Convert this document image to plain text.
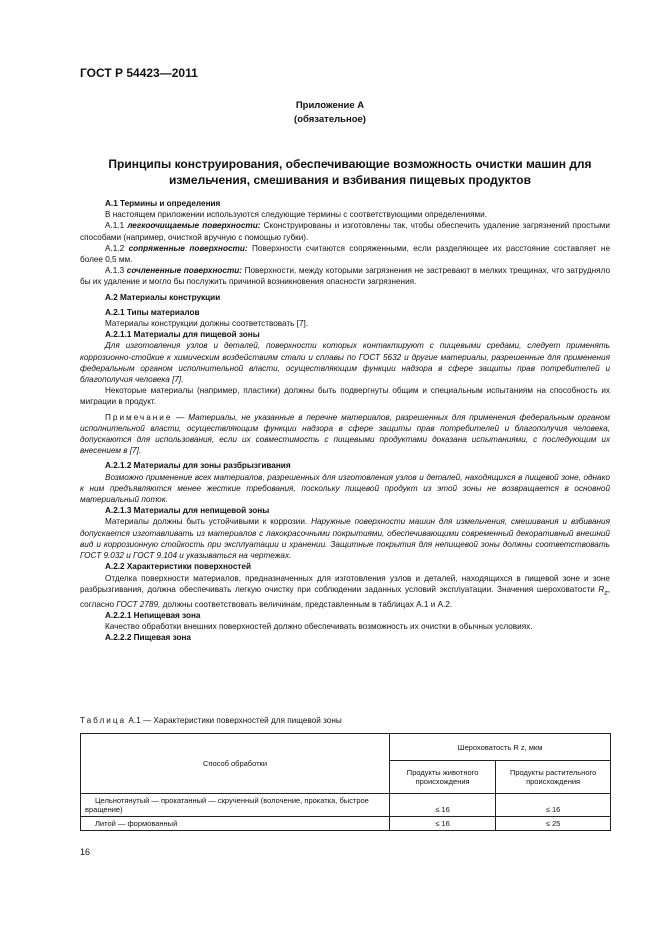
ГОСТ Р 54423—2011
Приложение А
(обязательное)
Принципы конструирования, обеспечивающие возможность очистки машин для измельчения, смешивания и взбивания пищевых продуктов

А.1 Термины и определения

В настоящем приложении используются следующие термины с соответствующими определениями.

А.1.1 легкоочищаемые поверхности: Сконструированы и изготовлены так, чтобы обеспечить удаление загрязнений простыми способами (например, очисткой вручную с помощью губки).

А.1.2 сопряженные поверхности: Поверхности считаются сопряженными, если разделяющее их расстояние составляет не более 0,5 мм.

А.1.3 сочлененные поверхности: Поверхности, между которыми загрязнения не застревают в мелких трещинах, что затрудняло бы их удаление и могло бы послужить причиной возникновения опасности загрязнения.

А.2 Материалы конструкции

А.2.1 Типы материалов

Материалы конструкции должны соответствовать [7].

А.2.1.1 Материалы для пищевой зоны

Для изготовления узлов и деталей, поверхности которых контактируют с пищевыми средами, следует применять коррозионно-стойкие к химическим воздействиям стали и сплавы по ГОСТ 5632 и другие материалы, разрешенные для применения федеральным органом исполнительной власти, осуществляющим функции надзора в сфере защиты прав потребителей и благополучия человека [7].

Некоторые материалы (например, пластики) должны быть подвергнуты общим и специальным испытаниям на способность их миграции в продукт.

Примечание — Материалы, не указанные в перечне материалов, разрешенных для применения федеральным органом исполнительной власти, осуществляющим функции надзора в сфере защиты прав потребителей и благополучия человека, допускаются для использования, если их совместимость с пищевыми продуктами доказана испытаниями, с последующим их внесением в [7].

А.2.1.2 Материалы для зоны разбрызгивания

Возможно применение всех материалов, разрешенных для изготовления узлов и деталей, находящихся в пищевой зоне, однако к ним предъявляются менее жесткие требования, поскольку пищевой продукт из этой зоны не возвращается в основной материальный поток.

А.2.1.3 Материалы для непищевой зоны

Материалы должны быть устойчивыми к коррозии. Наружные поверхности машин для измельчения, смешивания и взбивания допускается изготавливать из материалов с лакокрасочными покрытиями, обеспечивающими современный декоративный внешний вид и коррозионную стойкость при эксплуатации и хранении. Защитные покрытия для непищевой зоны должны соответствовать ГОСТ 9.032 и ГОСТ 9.104 и указываться на чертежах.

А.2.2 Характеристики поверхностей

Отделка поверхности материалов, предназначенных для изготовления узлов и деталей, находящихся в пищевой зоне и зоне разбрызгивания, должна обеспечивать легкую очистку при соблюдении заданных условий эксплуатации. Значения шероховатости $R_z$, согласно ГОСТ 2789, должны соответствовать величинам, представленным в таблицах А.1 и А.2.

А.2.2.1 Непищевая зона

Качество обработки внешних поверхностей должно обеспечивать возможность их очистки в обычных условиях.

А.2.2.2 Пищевая зона

Таблица А.1 — Характеристики поверхностей для пищевой зоны
Способ обработки	Шероховатость R z, мкм	
	Продукты животного происхождения	Продукты растительного происхождения
Цельнотянутый — прокатанный — скрученный (волочение, прокатка, быстрое вращение)	≤ 16	≤ 16
Литой — формованный	≤ 16	≤ 25
16
